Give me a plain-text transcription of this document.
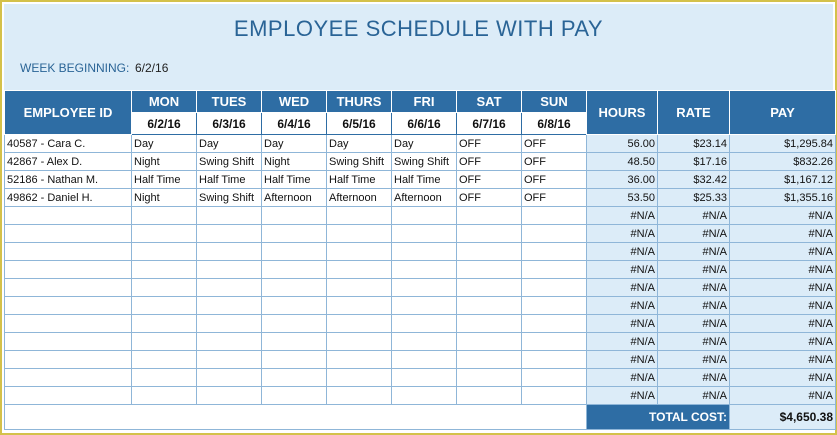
EMPLOYEE SCHEDULE WITH PAY
WEEK BEGINNING: 6/2/16
EMPLOYEE ID	MON	TUES	WED	THURS	FRI	SAT	SUN	HOURS	RATE	PAY
	6/2/16	6/3/16	6/4/16	6/5/16	6/6/16	6/7/16	6/8/16			
40587 - Cara C.	Day	Day	Day	Day	Day	OFF	OFF	56.00	$23.14	$1,295.84
42867 - Alex D.	Night	Swing Shift	Night	Swing Shift	Swing Shift	OFF	OFF	48.50	$17.16	$832.26
52186 - Nathan M.	Half Time	Half Time	Half Time	Half Time	Half Time	OFF	OFF	36.00	$32.42	$1,167.12
49862 - Daniel H.	Night	Swing Shift	Afternoon	Afternoon	Afternoon	OFF	OFF	53.50	$25.33	$1,355.16
								#N/A	#N/A	#N/A
								#N/A	#N/A	#N/A
								#N/A	#N/A	#N/A
								#N/A	#N/A	#N/A
								#N/A	#N/A	#N/A
								#N/A	#N/A	#N/A
								#N/A	#N/A	#N/A
								#N/A	#N/A	#N/A
								#N/A	#N/A	#N/A
								#N/A	#N/A	#N/A
								#N/A	#N/A	#N/A
								TOTAL COST:		$4,650.38
